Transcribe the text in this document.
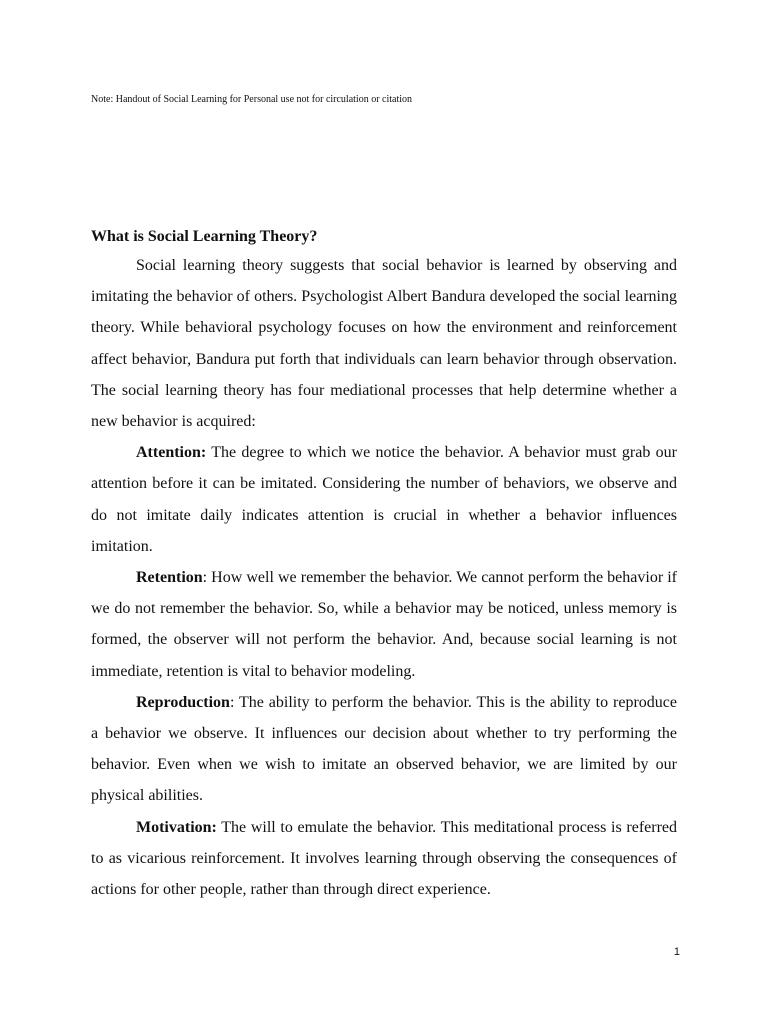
Note: Handout of Social Learning for Personal use not for circulation or citation
What is Social Learning Theory?

Social learning theory suggests that social behavior is learned by observing and imitating the behavior of others. Psychologist Albert Bandura developed the social learning theory. While behavioral psychology focuses on how the environment and reinforcement affect behavior, Bandura put forth that individuals can learn behavior through observation. The social learning theory has four mediational processes that help determine whether a new behavior is acquired:

Attention: The degree to which we notice the behavior. A behavior must grab our attention before it can be imitated. Considering the number of behaviors, we observe and do not imitate daily indicates attention is crucial in whether a behavior influences imitation.

Retention: How well we remember the behavior. We cannot perform the behavior if we do not remember the behavior. So, while a behavior may be noticed, unless memory is formed, the observer will not perform the behavior. And, because social learning is not immediate, retention is vital to behavior modeling.

Reproduction: The ability to perform the behavior. This is the ability to reproduce a behavior we observe. It influences our decision about whether to try performing the behavior. Even when we wish to imitate an observed behavior, we are limited by our physical abilities.

Motivation: The will to emulate the behavior. This meditational process is referred to as vicarious reinforcement. It involves learning through observing the consequences of actions for other people, rather than through direct experience.

1
